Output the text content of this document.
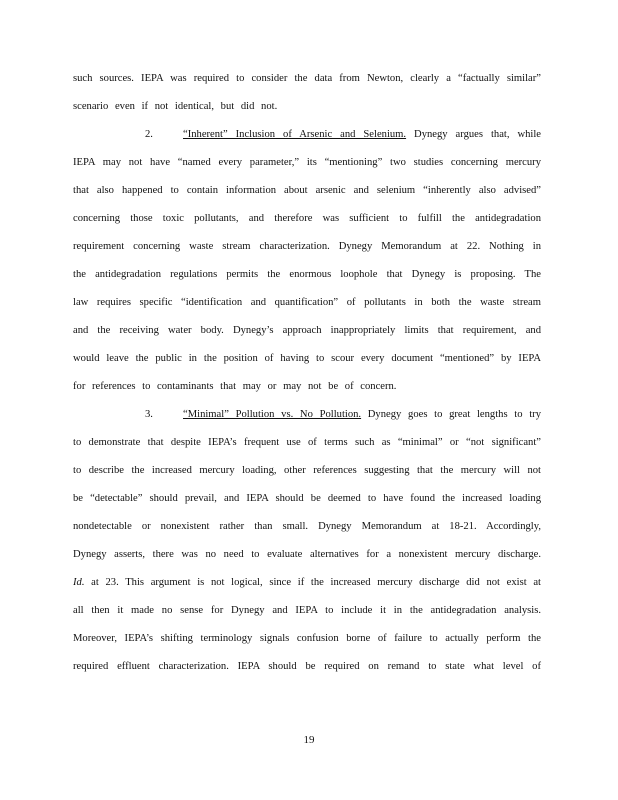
such sources. IEPA was required to consider the data from Newton, clearly a “factually similar”
scenario even if not identical, but did not.
2.	“Inherent” Inclusion of Arsenic and Selenium. Dynegy argues that, while
IEPA may not have “named every parameter,” its “mentioning” two studies concerning mercury
that also happened to contain information about arsenic and selenium “inherently also advised”
concerning those toxic pollutants, and therefore was sufficient to fulfill the antidegradation
requirement concerning waste stream characterization. Dynegy Memorandum at 22. Nothing in
the antidegradation regulations permits the enormous loophole that Dynegy is proposing. The
law requires specific “identification and quantification” of pollutants in both the waste stream
and the receiving water body. Dynegy’s approach inappropriately limits that requirement, and
would leave the public in the position of having to scour every document “mentioned” by IEPA
for references to contaminants that may or may not be of concern.
3.	“Minimal” Pollution vs. No Pollution. Dynegy goes to great lengths to try
to demonstrate that despite IEPA’s frequent use of terms such as “minimal” or “not significant”
to describe the increased mercury loading, other references suggesting that the mercury will not
be “detectable” should prevail, and IEPA should be deemed to have found the increased loading
nondetectable or nonexistent rather than small. Dynegy Memorandum at 18-21. Accordingly,
Dynegy asserts, there was no need to evaluate alternatives for a nonexistent mercury discharge.
Id. at 23. This argument is not logical, since if the increased mercury discharge did not exist at
all then it made no sense for Dynegy and IEPA to include it in the antidegradation analysis.
Moreover, IEPA’s shifting terminology signals confusion borne of failure to actually perform the
required effluent characterization. IEPA should be required on remand to state what level of
19
